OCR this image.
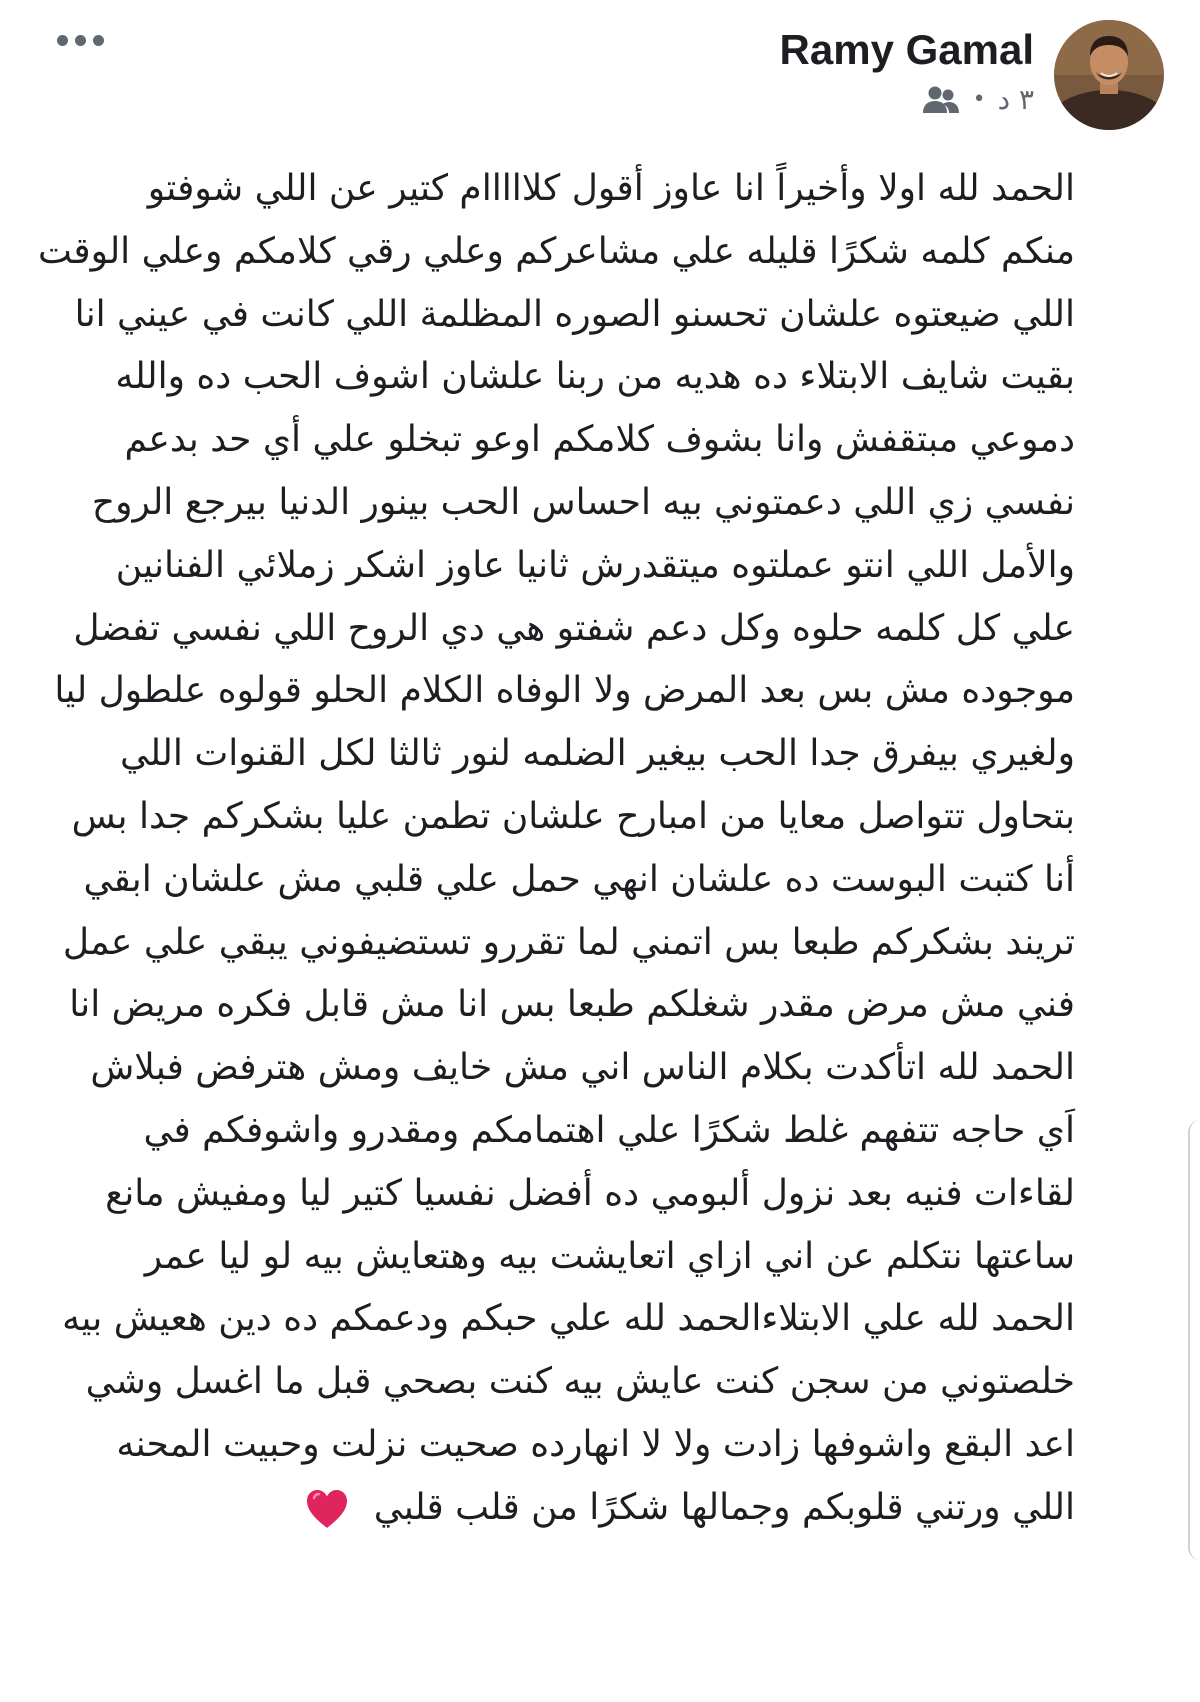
Ramy Gamal
• ٣ د
الحمد لله اولا وأخيراً انا عاوز أقول كلااااام كتير عن اللي شوفتو
منكم كلمه شكرًا قليله علي مشاعركم وعلي رقي كلامكم وعلي الوقت
اللي ضيعتوه علشان تحسنو الصوره المظلمة اللي كانت في عيني انا
بقيت شايف الابتلاء ده هديه من ربنا علشان اشوف الحب ده والله
دموعي مبتقفش وانا بشوف كلامكم اوعو تبخلو علي أي حد بدعم
نفسي زي اللي دعمتوني بيه احساس الحب بينور الدنيا بيرجع الروح
والأمل اللي انتو عملتوه ميتقدرش ثانيا عاوز اشكر زملائي الفنانين
علي كل كلمه حلوه وكل دعم شفتو هي دي الروح اللي نفسي تفضل
موجوده مش بس بعد المرض ولا الوفاه الكلام الحلو قولوه علطول ليا
ولغيري بيفرق جدا الحب بيغير الضلمه لنور ثالثا لكل القنوات اللي
بتحاول تتواصل معايا من امبارح علشان تطمن عليا بشكركم جدا بس
أنا كتبت البوست ده علشان انهي حمل علي قلبي مش علشان ابقي
تريند بشكركم طبعا بس اتمني لما تقررو تستضيفوني يبقي علي عمل
فني مش مرض مقدر شغلكم طبعا بس انا مش قابل فكره مريض انا
الحمد لله اتأكدت بكلام الناس اني مش خايف ومش هترفض فبلاش
اَي حاجه تتفهم غلط شكرًا علي اهتمامكم ومقدرو واشوفكم في
لقاءات فنيه بعد نزول ألبومي ده أفضل نفسيا كتير ليا ومفيش مانع
ساعتها نتكلم عن اني ازاي اتعايشت بيه وهتعايش بيه لو ليا عمر
الحمد لله علي الابتلاءالحمد لله علي حبكم ودعمكم ده دين هعيش بيه
خلصتوني من سجن كنت عايش بيه كنت بصحي قبل ما اغسل وشي
اعد البقع واشوفها زادت ولا لا انهارده صحيت نزلت وحبيت المحنه
اللي ورتني قلوبكم وجمالها شكرًا من قلب قلبي
